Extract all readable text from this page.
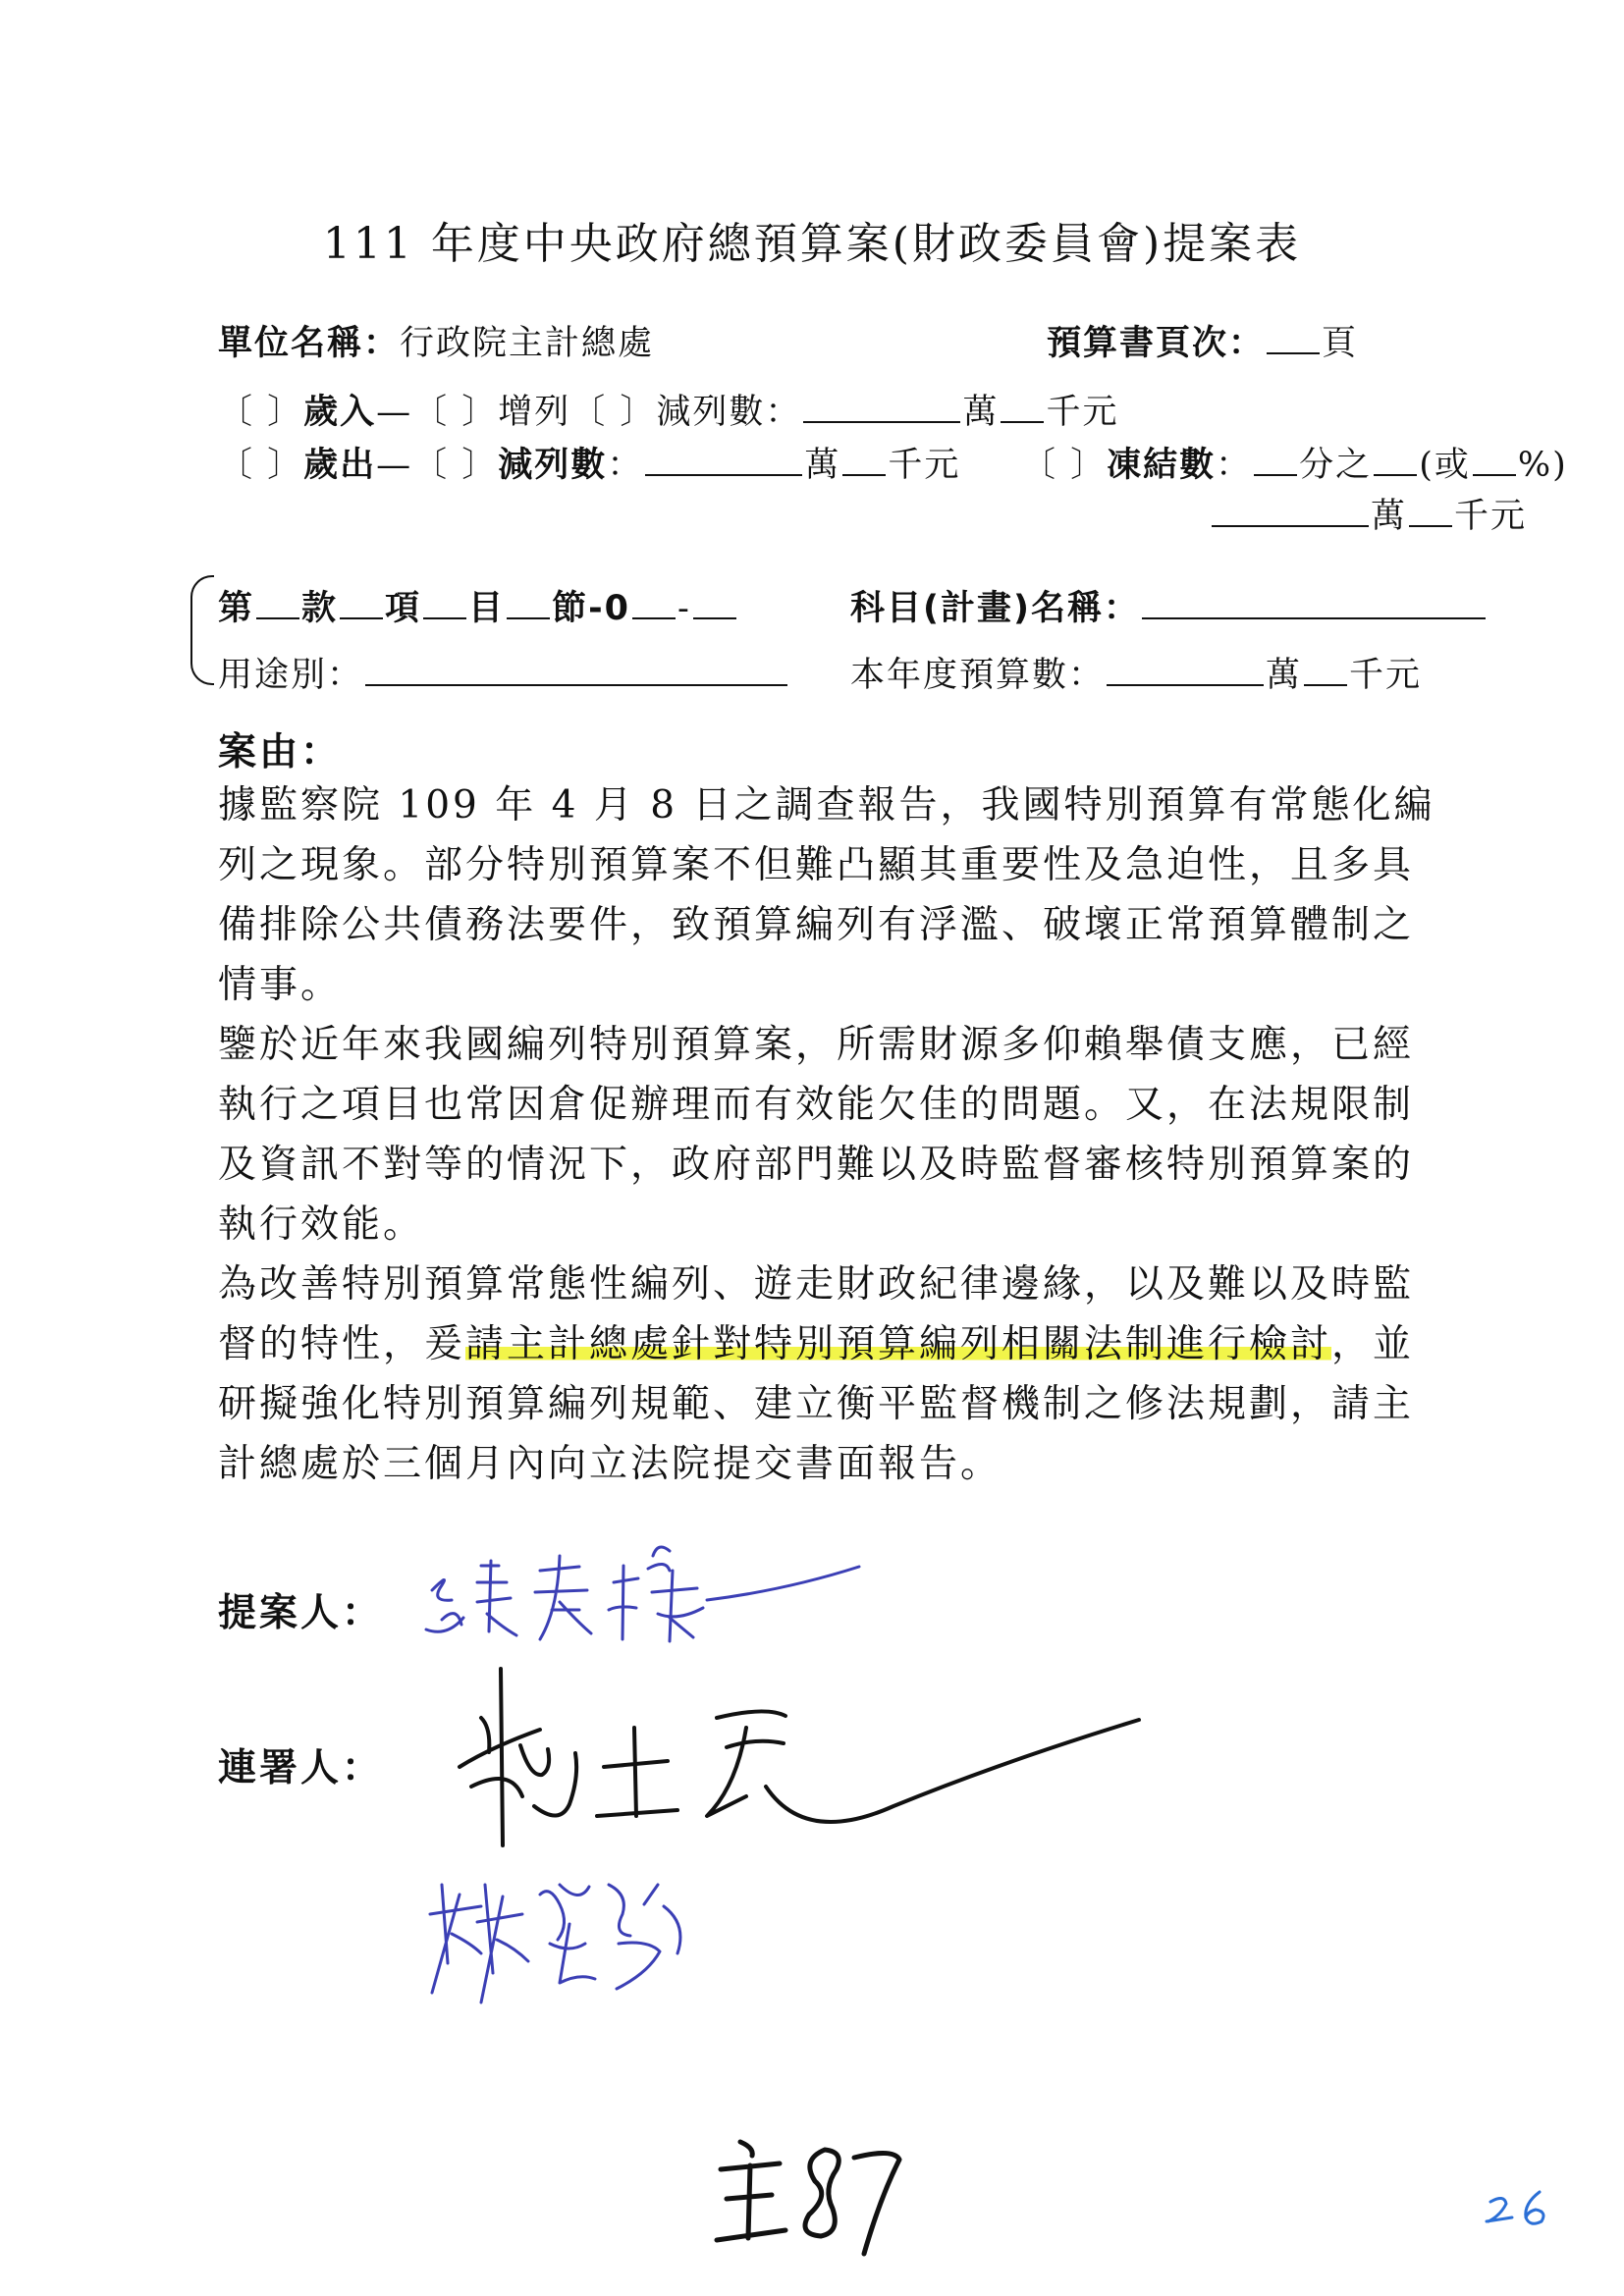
111 年度中央政府總預算案(財政委員會)提案表
單位名稱：行政院主計總處	預算書頁次： 頁
〔 〕歲入—〔 〕增列〔 〕減列數：	萬 千元
〔 〕歲出—〔 〕減列數：	萬 千元 〔 〕凍結數： 分之 (或 %)
萬 千元
第 款 項 目 節-0 -	科目(計畫)名稱：
用途別：	本年度預算數：	萬 千元
案由：
據監察院 109 年 4 月 8 日之調查報告，我國特別預算有常態化編列之現象。部分特別預算案不但難凸顯其重要性及急迫性，且多具備排除公共債務法要件，致預算編列有浮濫、破壞正常預算體制之情事。
鑒於近年來我國編列特別預算案，所需財源多仰賴舉債支應，已經執行之項目也常因倉促辦理而有效能欠佳的問題。又，在法規限制及資訊不對等的情況下，政府部門難以及時監督審核特別預算案的執行效能。
為改善特別預算常態性編列、遊走財政紀律邊緣，以及難以及時監督的特性，爰請主計總處針對特別預算編列相關法制進行檢討，並研擬強化特別預算編列規範、建立衡平監督機制之修法規劃，請主計總處於三個月內向立法院提交書面報告。
提案人：
連署人：
